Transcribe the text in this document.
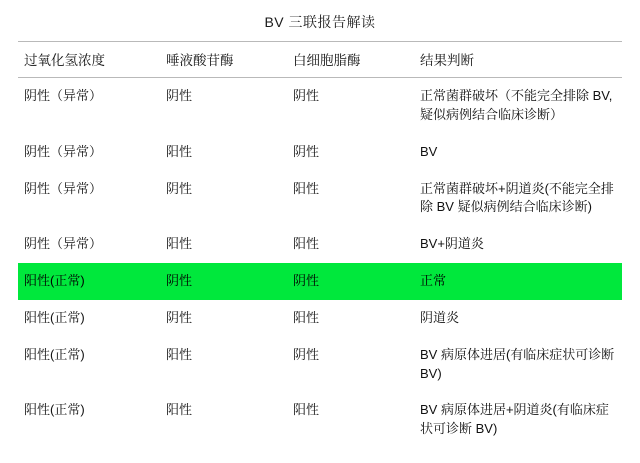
BV 三联报告解读
过氧化氢浓度	唾液酸苷酶	白细胞脂酶	结果判断
阴性（异常）	阴性	阴性	正常菌群破坏（不能完全排除 BV, 疑似病例结合临床诊断）
阴性（异常）	阳性	阴性	BV
阴性（异常）	阴性	阳性	正常菌群破坏+阴道炎(不能完全排除 BV 疑似病例结合临床诊断)
阴性（异常）	阳性	阳性	BV+阴道炎
阳性(正常)	阴性	阴性	正常
阳性(正常)	阴性	阳性	阴道炎
阳性(正常)	阳性	阴性	BV 病原体进居(有临床症状可诊断 BV)
阳性(正常)	阳性	阳性	BV 病原体进居+阴道炎(有临床症状可诊断 BV)
